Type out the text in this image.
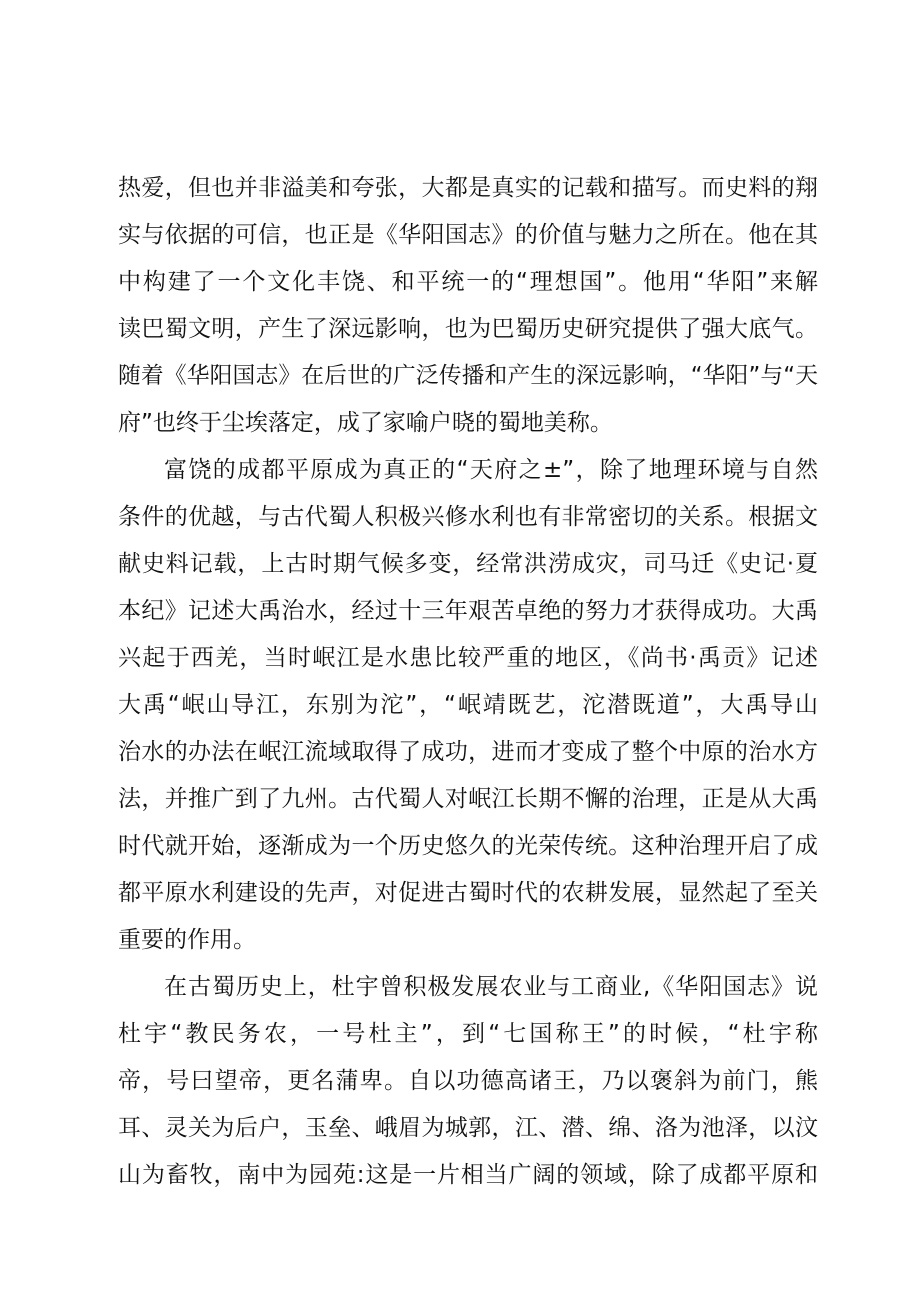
热爱，但也并非溢美和夸张，大都是真实的记载和描写。而史料的翔
实与依据的可信，也正是《华阳国志》的价值与魅力之所在。他在其
中构建了一个文化丰饶、和平统一的“理想国”。他用“华阳”来解
读巴蜀文明，产生了深远影响，也为巴蜀历史研究提供了强大底气。
随着《华阳国志》在后世的广泛传播和产生的深远影响，“华阳”与“天
府”也终于尘埃落定，成了家喻户晓的蜀地美称。
富饶的成都平原成为真正的“天府之±”，除了地理环境与自然
条件的优越，与古代蜀人积极兴修水利也有非常密切的关系。根据文
献史料记载，上古时期气候多变，经常洪涝成灾，司马迁《史记·夏
本纪》记述大禹治水，经过十三年艰苦卓绝的努力才获得成功。大禹
兴起于西羌，当时岷江是水患比较严重的地区，《尚书·禹贡》记述
大禹“岷山导江，东别为沱”，“岷靖既艺，沱潜既道”，大禹导山
治水的办法在岷江流域取得了成功，进而才变成了整个中原的治水方
法，并推广到了九州。古代蜀人对岷江长期不懈的治理，正是从大禹
时代就开始，逐渐成为一个历史悠久的光荣传统。这种治理开启了成
都平原水利建设的先声，对促进古蜀时代的农耕发展，显然起了至关
重要的作用。
在古蜀历史上，杜宇曾积极发展农业与工商业,《华阳国志》说
杜宇“教民务农，一号杜主”，到“七国称王”的时候，“杜宇称
帝，号曰望帝，更名蒲卑。自以功德高诸王，乃以褒斜为前门，熊
耳、灵关为后户，玉垒、峨眉为城郭，江、潜、绵、洛为池泽，以汶
山为畜牧，南中为园苑:这是一片相当广阔的领域，除了成都平原和
